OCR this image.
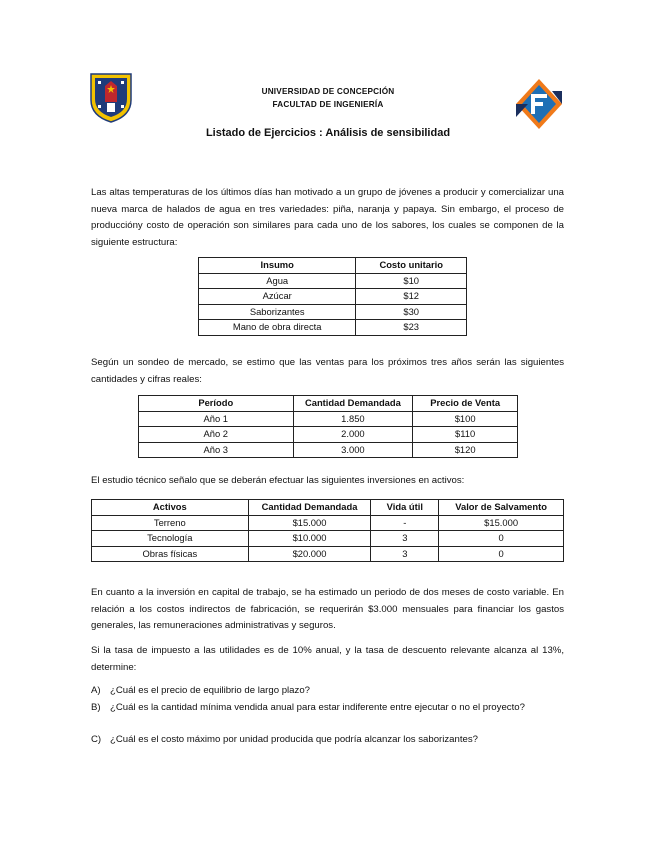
UNIVERSIDAD DE CONCEPCIÓN
FACULTAD DE INGENIERÍA
Listado de Ejercicios : Análisis de sensibilidad
Las altas temperaturas de los últimos días han motivado a un grupo de jóvenes a producir y comercializar una nueva marca de halados de agua en tres variedades: piña, naranja y papaya. Sin embargo, el proceso de produccióny costo de operación son similares para cada uno de los sabores, los cuales se componen de la siguiente estructura:
Insumo	Costo unitario
Agua	$10
Azúcar	$12
Saborizantes	$30
Mano de obra directa	$23
Según un sondeo de mercado, se estimo que las ventas para los próximos tres años serán las siguientes cantidades y cifras reales:
Período	Cantidad Demandada	Precio de Venta
Año 1	1.850	$100
Año 2	2.000	$110
Año 3	3.000	$120
El estudio técnico señalo que se deberán efectuar las siguientes inversiones en activos:
Activos	Cantidad Demandada	Vida útil	Valor de Salvamento
Terreno	$15.000	-	$15.000
Tecnología	$10.000	3	0
Obras físicas	$20.000	3	0
En cuanto a la inversión en capital de trabajo, se ha estimado un periodo de dos meses de costo variable. En relación a los costos indirectos de fabricación, se requerirán $3.000 mensuales para financiar los gastos generales, las remuneraciones administrativas y seguros.
Si la tasa de impuesto a las utilidades es de 10% anual, y la tasa de descuento relevante alcanza al 13%, determine:
A) ¿Cuál es el precio de equilibrio de largo plazo?
B) ¿Cuál es la cantidad mínima vendida anual para estar indiferente entre ejecutar o no el proyecto?
C) ¿Cuál es el costo máximo por unidad producida que podría alcanzar los saborizantes?
